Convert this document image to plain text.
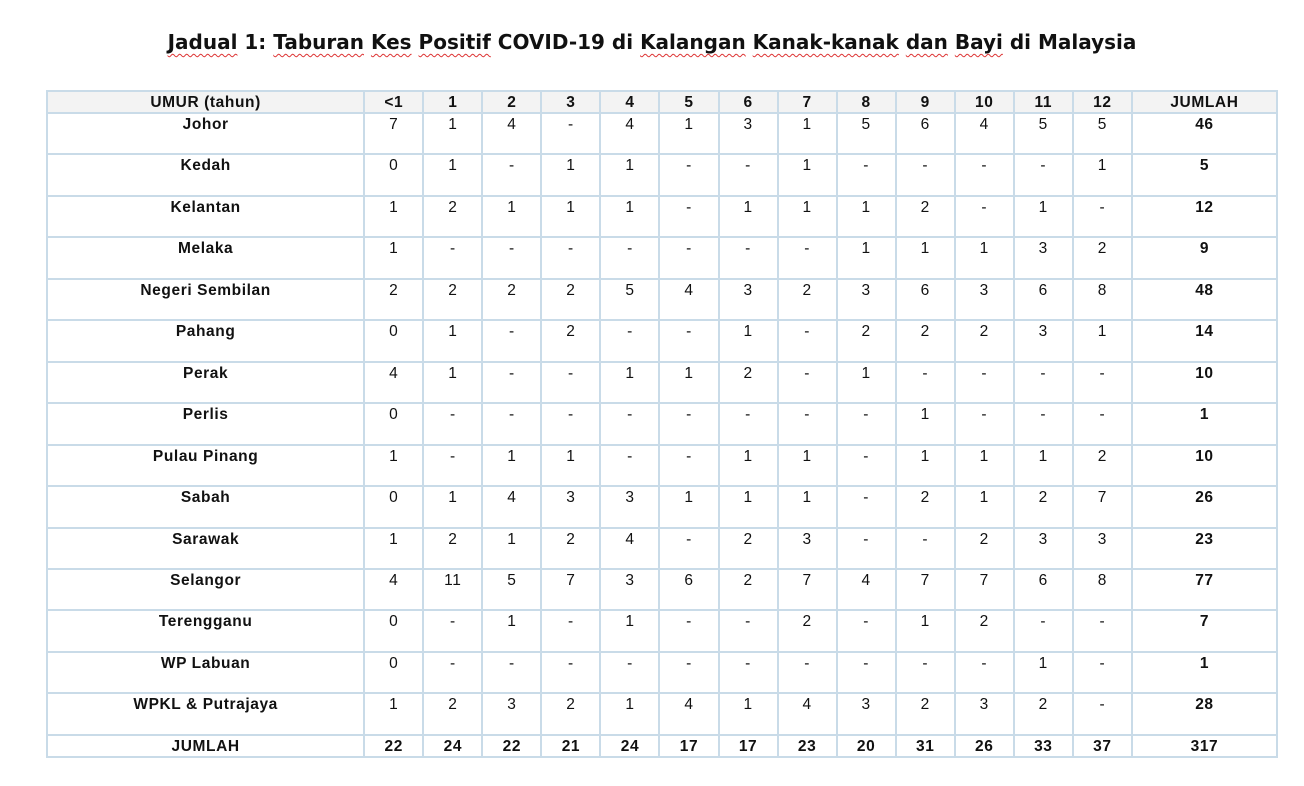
Jadual 1: Taburan Kes Positif COVID-19 di Kalangan Kanak-kanak dan Bayi di Malaysia
UMUR (tahun)	<1	1	2	3	4	5	6	7	8	9	10	11	12	JUMLAH
Johor	7	1	4	-	4	1	3	1	5	6	4	5	5	46
Kedah	0	1	-	1	1	-	-	1	-	-	-	-	1	5
Kelantan	1	2	1	1	1	-	1	1	1	2	-	1	-	12
Melaka	1	-	-	-	-	-	-	-	1	1	1	3	2	9
Negeri Sembilan	2	2	2	2	5	4	3	2	3	6	3	6	8	48
Pahang	0	1	-	2	-	-	1	-	2	2	2	3	1	14
Perak	4	1	-	-	1	1	2	-	1	-	-	-	-	10
Perlis	0	-	-	-	-	-	-	-	-	1	-	-	-	1
Pulau Pinang	1	-	1	1	-	-	1	1	-	1	1	1	2	10
Sabah	0	1	4	3	3	1	1	1	-	2	1	2	7	26
Sarawak	1	2	1	2	4	-	2	3	-	-	2	3	3	23
Selangor	4	11	5	7	3	6	2	7	4	7	7	6	8	77
Terengganu	0	-	1	-	1	-	-	2	-	1	2	-	-	7
WP Labuan	0	-	-	-	-	-	-	-	-	-	-	1	-	1
WPKL & Putrajaya	1	2	3	2	1	4	1	4	3	2	3	2	-	28
JUMLAH	22	24	22	21	24	17	17	23	20	31	26	33	37	317
